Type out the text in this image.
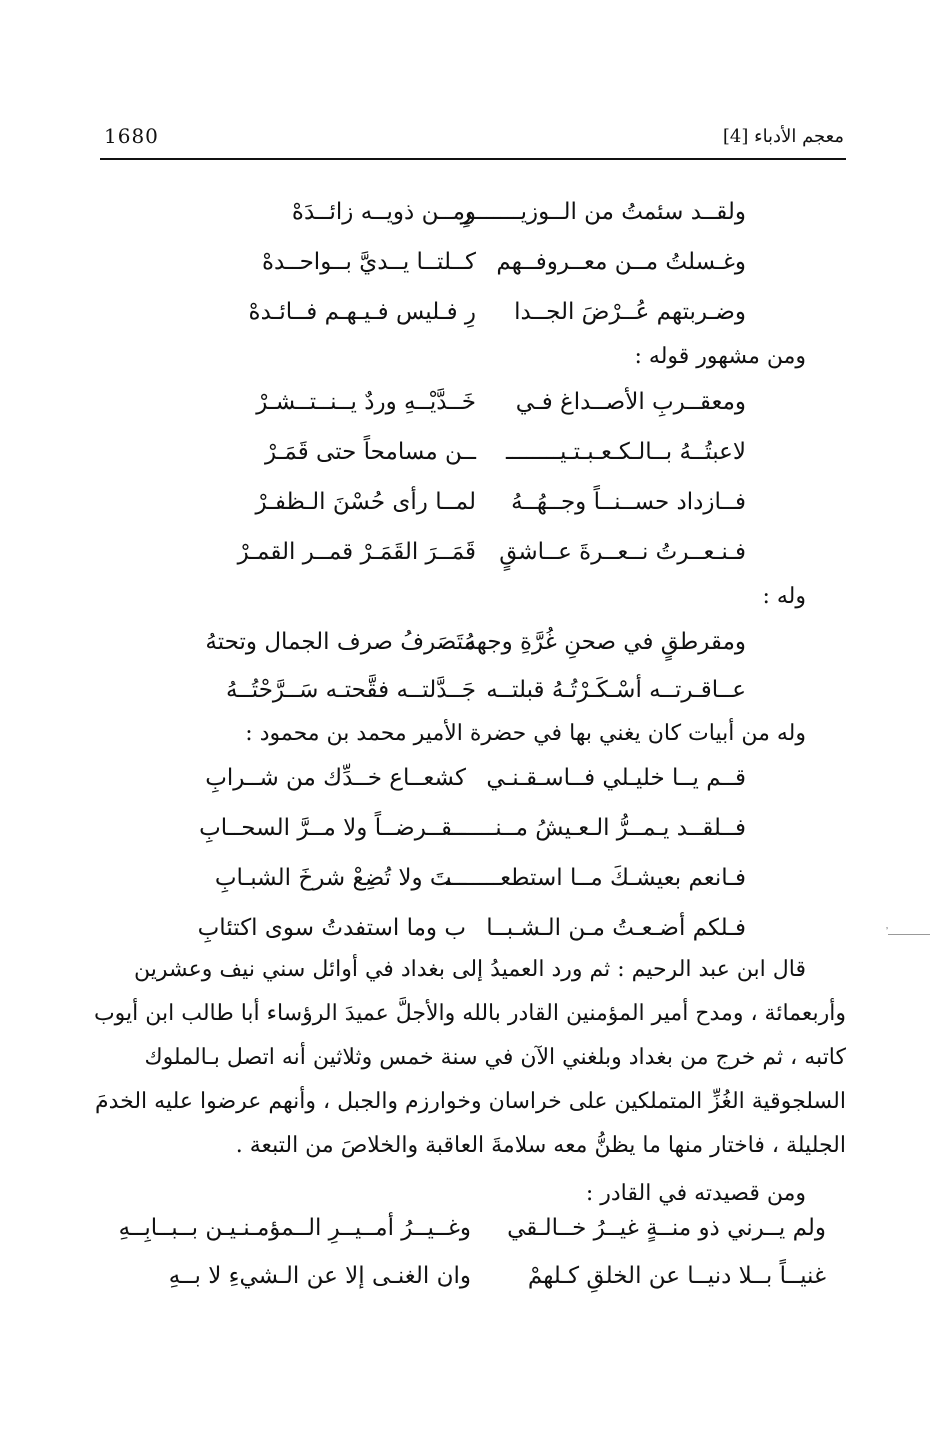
1680	معجم الأدباء [4]
ولقــد سئمتُ من الــوزيـــــــرِ
ومــن ذويــه زائــدَهْ
وغـسلتُ مــن معــروفــهم
كــلتــا يــديَّ بــواحــدهْ
وضـربتهم عُــرْضَ الجــدا
رِ فـليس فـيـهـم فــائـدهْ
ومن مشهور قوله :
ومعقــربِ الأصــداغ فـي
خَــدَّيْــهِ وردٌ يــنــتــشـرْ
لاعبتُــهُ بــالـكـعـبـتـيــــــــ
ــن مسامحاً حتى قَمَـرْ
فــازداد حســنــاً وجــهُــهُ
لمــا رأى حُسْنَ الـظفـرْ
فـنـعــرتُ نــعــرةَ عــاشقٍ
قَمَــرَ القَمَـرْ قمــر القمـرْ
وله :
ومقرطقٍ في صحنِ غُرَّةِ وجهه
مُتَصَرفُ صرف الجمال وتحتهُ
عــاقـرتــه أسْـكَـرْتُـهُ قبلتــه
جَــدَّلتــه فقَّحتـه سَــرَّحْتُــهُ
وله من أبيات كان يغني بها في حضرة الأمير محمد بن محمود :
قــم يــا خليـلي فــاسـقـنـي
كشعــاع خــدِّك من شــرابِ
فــلقــد يـمــرُّ الـعـيشُ مــنـــــــ
ــقــرضــاً ولا مــرَّ السحــابِ
فـانعم بعيشـكَ مــا استطعــــــــ
ــتَ ولا تُضِعْ شرخَ الشبـابِ
فـلكم أضـعـتُ مـن الـشـبــا
ب وما استفدتُ سوى اكتئابِ
قال ابن عبد الرحيم : ثم ورد العميدُ إلى بغداد في أوائل سني نيف وعشرين
وأربعمائة ، ومدح أمير المؤمنين القادر بالله والأجلَّ عميدَ الرؤساء أبا طالب ابن أيوب
كاتبه ، ثم خرج من بغداد وبلغني الآن في سنة خمس وثلاثين أنه اتصل بـالملوك
السلجوقية الغُزِّ المتملكين على خراسان وخوارزم والجبل ، وأنهم عرضوا عليه الخدمَ
الجليلة ، فاختار منها ما يظنُّ معه سلامةَ العاقبة والخلاصَ من التبعة .
ومن قصيدته في القادر :
ولم يــرني ذو منــةٍ غيــرُ خــالـقي
وغــيــرُ أمــيــرِ الــمؤمـنـيـن بــبــابِــهِ
غنيــاً بــلا دنيــا عن الخلقِ كـلهمْ
وان الغنـى إلا عن الـشيءِ لا بــهِ
᾿
